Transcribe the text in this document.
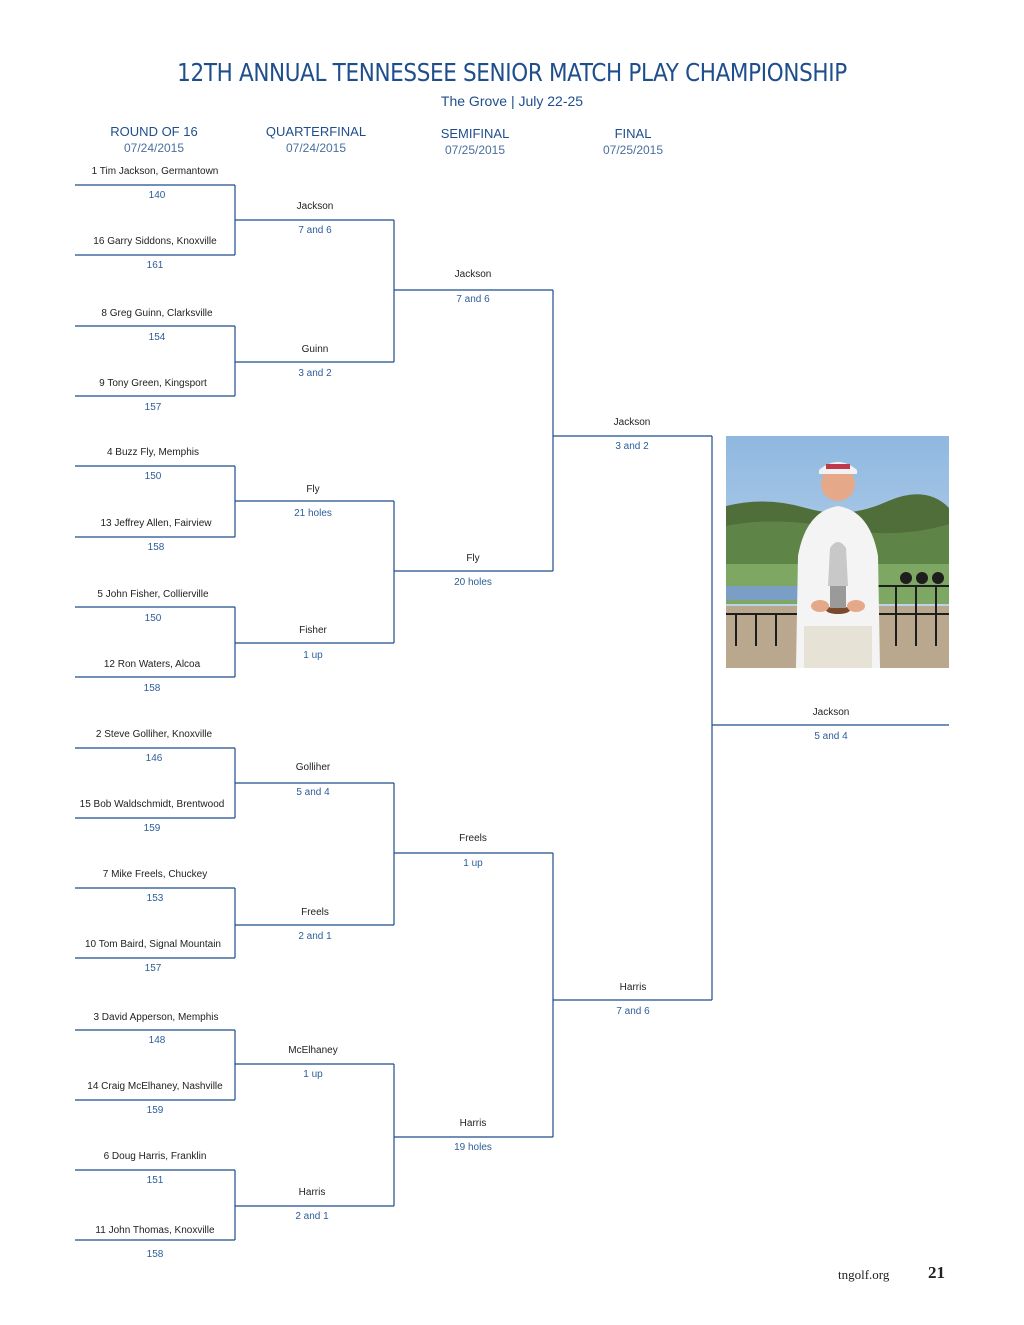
12TH ANNUAL TENNESSEE SENIOR MATCH PLAY CHAMPIONSHIP
The Grove | July 22-25
ROUND OF 16
07/24/2015
QUARTERFINAL
07/24/2015
SEMIFINAL
07/25/2015
FINAL
07/25/2015
1 Tim Jackson, Germantown
140
16 Garry Siddons, Knoxville
161
8 Greg Guinn, Clarksville
154
9 Tony Green, Kingsport
157
4 Buzz Fly, Memphis
150
13 Jeffrey Allen, Fairview
158
5 John Fisher, Collierville
150
12 Ron Waters, Alcoa
158
2 Steve Golliher, Knoxville
146
15 Bob Waldschmidt, Brentwood
159
7 Mike Freels, Chuckey
153
10 Tom Baird, Signal Mountain
157
3 David Apperson, Memphis
148
14 Craig McElhaney, Nashville
159
6 Doug Harris, Franklin
151
11 John Thomas, Knoxville
158
Jackson
7 and 6
Guinn
3 and 2
Fly
21 holes
Fisher
1 up
Golliher
5 and 4
Freels
2 and 1
McElhaney
1 up
Harris
2 and 1
Jackson
7 and 6
Fly
20 holes
Freels
1 up
Harris
19 holes
Jackson
3 and 2
Harris
7 and 6
Jackson
5 and 4
tngolf.org 21
